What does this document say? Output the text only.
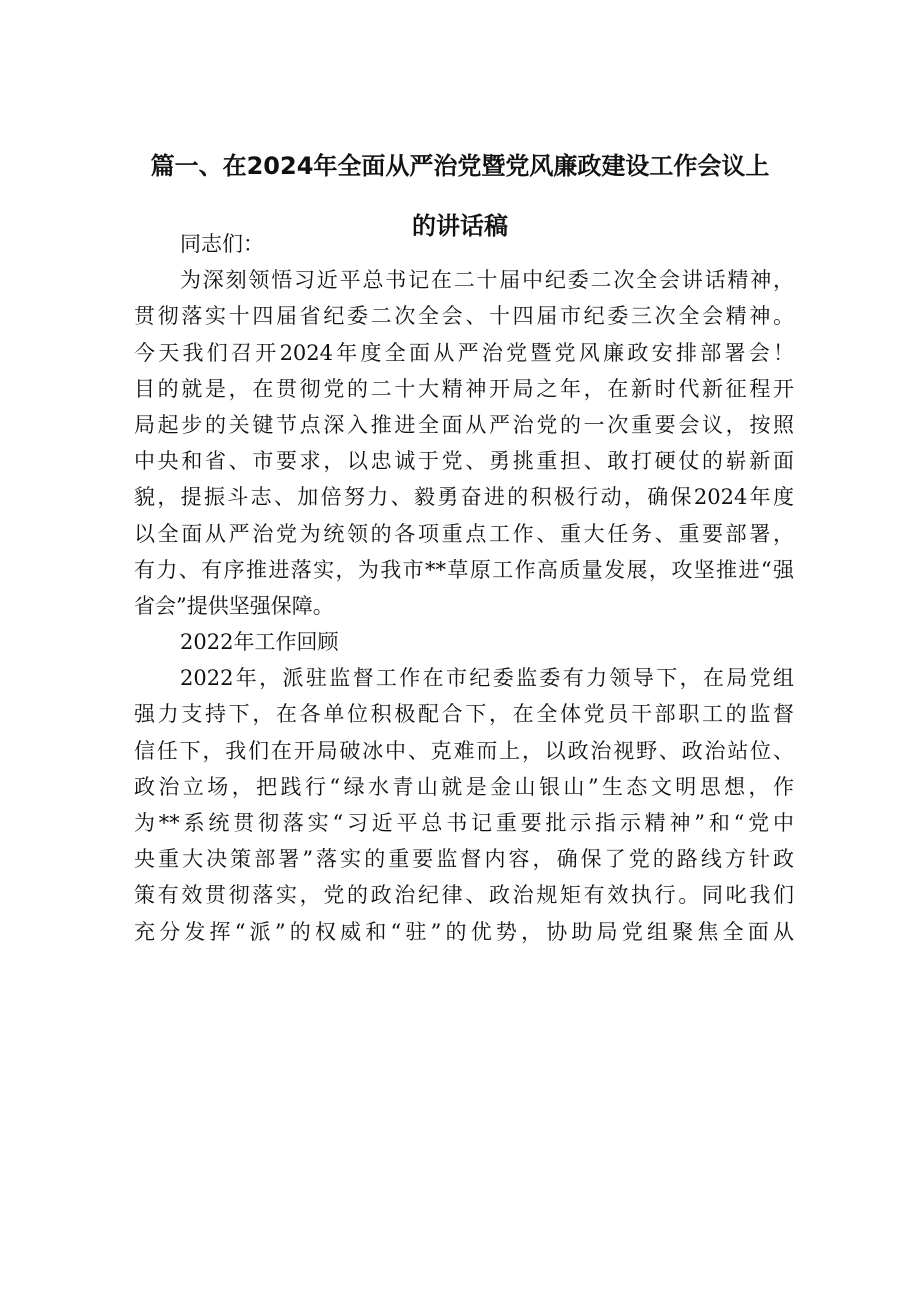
篇一、在2024年全面从严治党暨党风廉政建设工作会议上
的讲话稿
同志们：
为深刻领悟习近平总书记在二十届中纪委二次全会讲话精神，
贯彻落实十四届省纪委二次全会、十四届市纪委三次全会精神。
今天我们召开2024年度全面从严治党暨党风廉政安排部署会！
目的就是，在贯彻党的二十大精神开局之年，在新时代新征程开
局起步的关键节点深入推进全面从严治党的一次重要会议，按照
中央和省、市要求，以忠诚于党、勇挑重担、敢打硬仗的崭新面
貌，提振斗志、加倍努力、毅勇奋进的积极行动，确保2024年度
以全面从严治党为统领的各项重点工作、重大任务、重要部署，
有力、有序推进落实，为我市**草原工作高质量发展，攻坚推进“强
省会”提供坚强保障。
2022年工作回顾
2022年，派驻监督工作在市纪委监委有力领导下，在局党组
强力支持下，在各单位积极配合下，在全体党员干部职工的监督
信任下，我们在开局破冰中、克难而上，以政治视野、政治站位、
政治立场，把践行“绿水青山就是金山银山”生态文明思想，作
为**系统贯彻落实“习近平总书记重要批示指示精神”和“党中
央重大决策部署”落实的重要监督内容，确保了党的路线方针政
策有效贯彻落实，党的政治纪律、政治规矩有效执行。同叱我们
充分发挥“派”的权威和“驻”的优势，协助局党组聚焦全面从
